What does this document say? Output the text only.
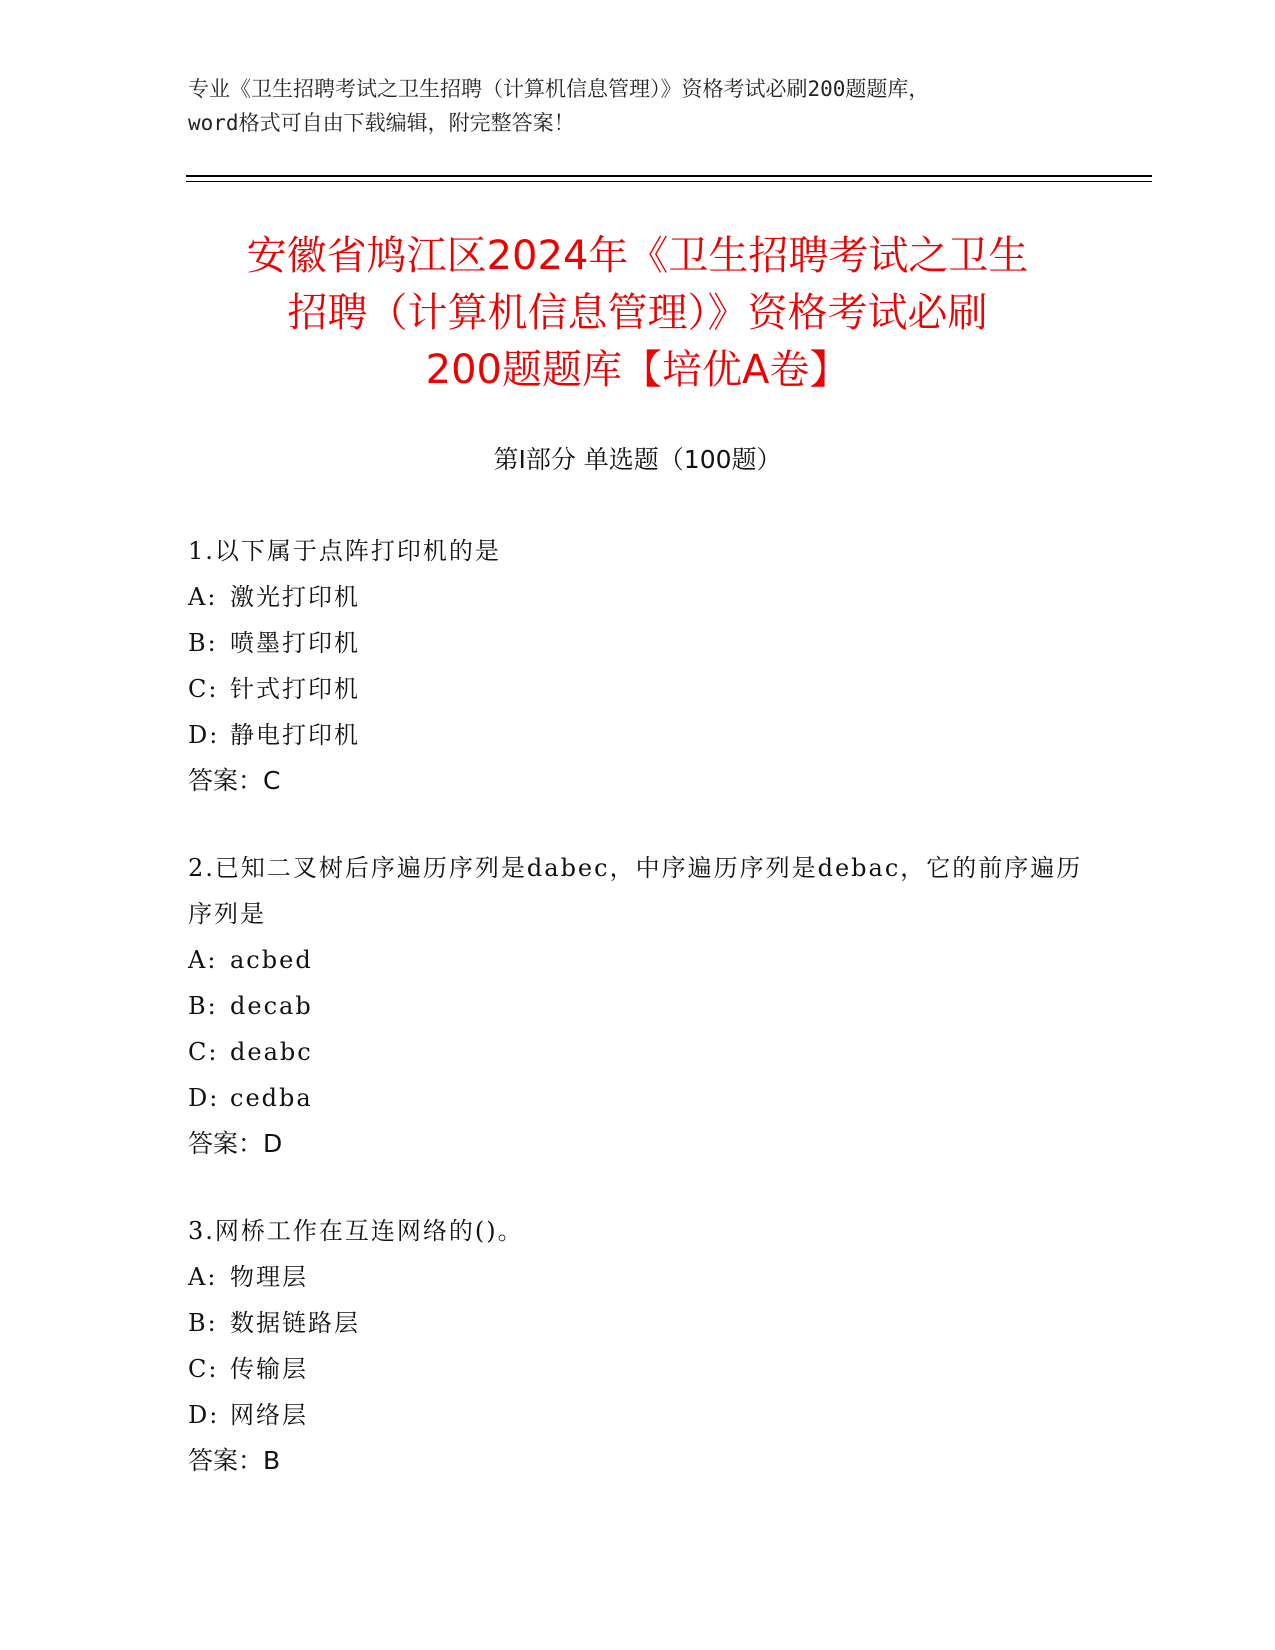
专业《卫生招聘考试之卫生招聘（计算机信息管理）》资格考试必刷200题题库，
word格式可自由下载编辑，附完整答案！
安徽省鸠江区2024年《卫生招聘考试之卫生
招聘（计算机信息管理）》资格考试必刷
200题题库【培优A卷】
第Ⅰ部分 单选题（100题）
1.以下属于点阵打印机的是
A: 激光打印机
B: 喷墨打印机
C: 针式打印机
D: 静电打印机
答案：C
2.已知二叉树后序遍历序列是dabec，中序遍历序列是debac，它的前序遍历序列是
A: acbed
B: decab
C: deabc
D: cedba
答案：D
3.网桥工作在互连网络的()。
A: 物理层
B: 数据链路层
C: 传输层
D: 网络层
答案：B
